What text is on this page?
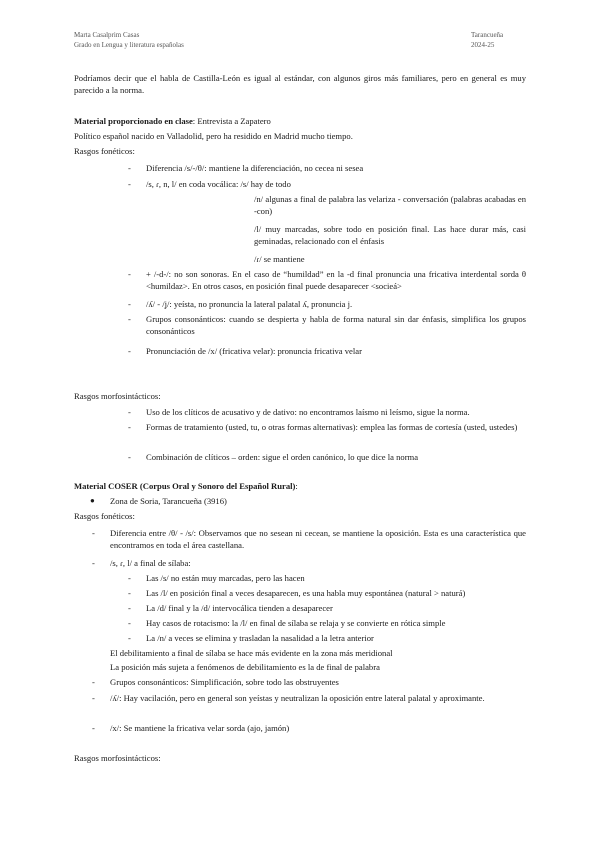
Marta Casalprim Casas
Grado en Lengua y literatura españolas
Tarancueña
2024-25
Podríamos decir que el habla de Castilla-León es igual al estándar, con algunos giros más familiares, pero en general es muy parecido a la norma.
Material proporcionado en clase: Entrevista a Zapatero
Político español nacido en Valladolid, pero ha residido en Madrid mucho tiempo.
Rasgos fonéticos:
- Diferencia /s/-/θ/: mantiene la diferenciación, no cecea ni sesea
- /s, ɾ, n, l/ en coda vocálica: /s/ hay de todo
/n/ algunas a final de palabra las velariza - conversación (palabras acabadas en -con)
/l/ muy marcadas, sobre todo en posición final. Las hace durar más, casi geminadas, relacionado con el énfasis
/ɾ/ se mantiene
- + /-d-/: no son sonoras. En el caso de “humildad” en la -d final pronuncia una fricativa interdental sorda θ <humildaz>. En otros casos, en posición final puede desaparecer <sociеá>
- /ʎ/ - /ʝ/: yeísta, no pronuncia la lateral palatal ʎ, pronuncia j.
- Grupos consonánticos: cuando se despierta y habla de forma natural sin dar énfasis, simplifica los grupos consonánticos
- Pronunciación de /x/ (fricativa velar): pronuncia fricativa velar
Rasgos morfosintácticos:
- Uso de los clíticos de acusativo y de dativo: no encontramos laísmo ni leísmo, sigue la norma.
- Formas de tratamiento (usted, tu, o otras formas alternativas): emplea las formas de cortesía (usted, ustedes)
- Combinación de clíticos – orden: sigue el orden canónico, lo que dice la norma
Material COSER (Corpus Oral y Sonoro del Español Rural):
● Zona de Soria, Tarancueña (3916)
Rasgos fonéticos:
- Diferencia entre /θ/ - /s/: Observamos que no sesean ni cecean, se mantiene la oposición. Esta es una característica que encontramos en toda el área castellana.
- /s, ɾ, l/ a final de sílaba:
- Las /s/ no están muy marcadas, pero las hacen
- Las /l/ en posición final a veces desaparecen, es una habla muy espontánea (natural > naturá)
- La /d/ final y la /d/ intervocálica tienden a desaparecer
- Hay casos de rotacismo: la /l/ en final de sílaba se relaja y se convierte en rótica simple
- La /n/ a veces se elimina y trasladan la nasalidad a la letra anterior
El debilitamiento a final de sílaba se hace más evidente en la zona más meridional
La posición más sujeta a fenómenos de debilitamiento es la de final de palabra
- Grupos consonánticos: Simplificación, sobre todo las obstruyentes
- /ʎ/: Hay vacilación, pero en general son yeístas y neutralizan la oposición entre lateral palatal y aproximante.
- /x/: Se mantiene la fricativa velar sorda (ajo, jamón)
Rasgos morfosintácticos:
